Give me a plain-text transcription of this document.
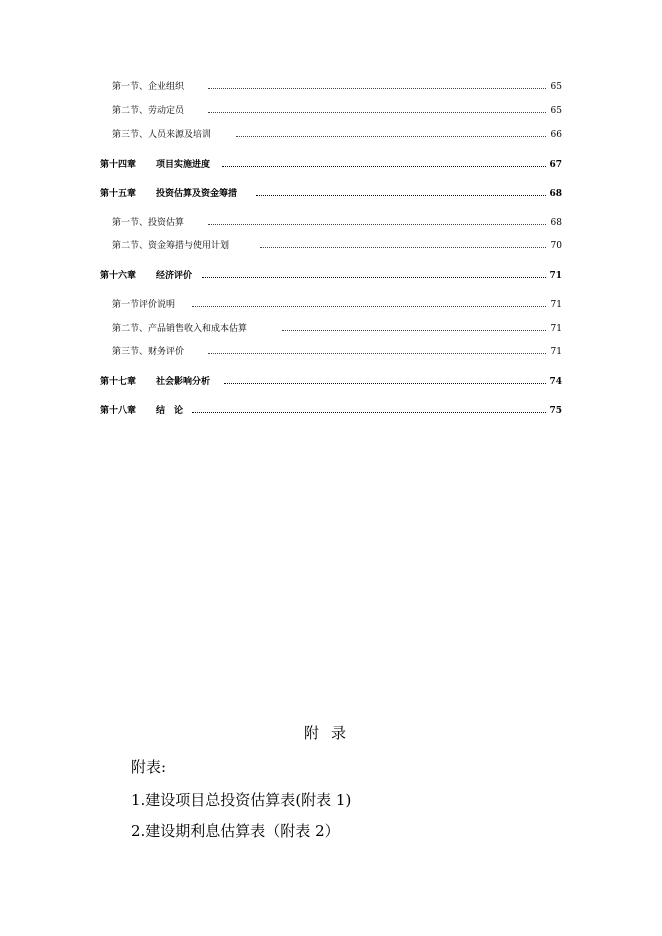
第一节、企业组织	65
第二节、劳动定员	65
第三节、人员来源及培训	66
第十四章 项目实施进度	67
第十五章 投资估算及资金筹措	68
第一节、投资估算	68
第二节、资金筹措与使用计划	70
第十六章 经济评价	71
第一节评价说明	71
第二节、产品销售收入和成本估算	71
第三节、财务评价	71
第十七章 社会影响分析	74
第十八章 结　论	75
附录
附表:
1.建设项目总投资估算表(附表 1)
2.建设期利息估算表（附表 2）
